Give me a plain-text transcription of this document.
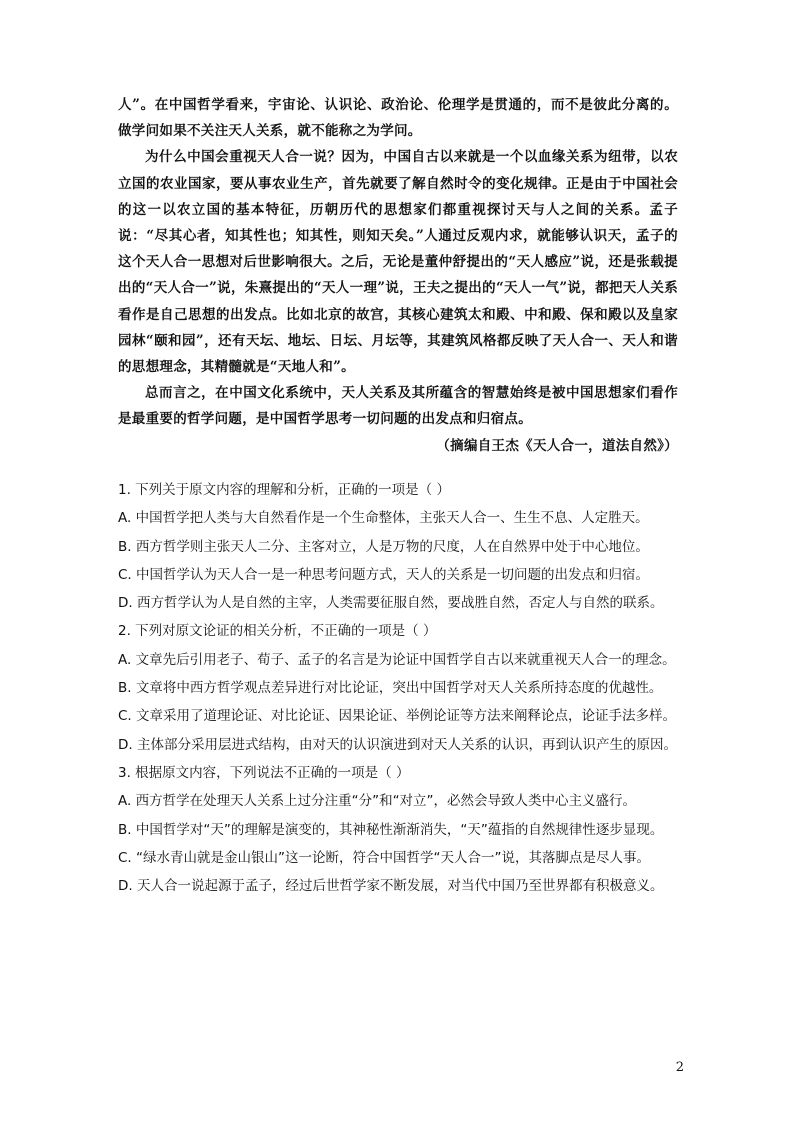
人”。在中国哲学看来，宇宙论、认识论、政治论、伦理学是贯通的，而不是彼此分离的。做学问如果不关注天人关系，就不能称之为学问。

为什么中国会重视天人合一说？因为，中国自古以来就是一个以血缘关系为纽带，以农立国的农业国家，要从事农业生产，首先就要了解自然时令的变化规律。正是由于中国社会的这一以农立国的基本特征，历朝历代的思想家们都重视探讨天与人之间的关系。孟子说：“尽其心者，知其性也；知其性，则知天矣。”人通过反观内求，就能够认识天，孟子的这个天人合一思想对后世影响很大。之后，无论是董仲舒提出的“天人感应”说，还是张载提出的“天人合一”说，朱熹提出的“天人一理”说，王夫之提出的“天人一气”说，都把天人关系看作是自己思想的出发点。比如北京的故宫，其核心建筑太和殿、中和殿、保和殿以及皇家园林“颐和园”，还有天坛、地坛、日坛、月坛等，其建筑风格都反映了天人合一、天人和谐的思想理念，其精髓就是“天地人和”。

总而言之，在中国文化系统中，天人关系及其所蕴含的智慧始终是被中国思想家们看作是最重要的哲学问题，是中国哲学思考一切问题的出发点和归宿点。

（摘编自王杰《天人合一，道法自然》）

1. 下列关于原文内容的理解和分析，正确的一项是（ ）

A. 中国哲学把人类与大自然看作是一个生命整体，主张天人合一、生生不息、人定胜天。

B. 西方哲学则主张天人二分、主客对立，人是万物的尺度，人在自然界中处于中心地位。

C. 中国哲学认为天人合一是一种思考问题方式，天人的关系是一切问题的出发点和归宿。

D. 西方哲学认为人是自然的主宰，人类需要征服自然，要战胜自然，否定人与自然的联系。

2. 下列对原文论证的相关分析，不正确的一项是（ ）

A. 文章先后引用老子、荀子、孟子的名言是为论证中国哲学自古以来就重视天人合一的理念。

B. 文章将中西方哲学观点差异进行对比论证，突出中国哲学对天人关系所持态度的优越性。

C. 文章采用了道理论证、对比论证、因果论证、举例论证等方法来阐释论点，论证手法多样。

D. 主体部分采用层进式结构，由对天的认识演进到对天人关系的认识，再到认识产生的原因。

3. 根据原文内容，下列说法不正确的一项是（ ）

A. 西方哲学在处理天人关系上过分注重“分”和“对立”，必然会导致人类中心主义盛行。

B. 中国哲学对“天”的理解是演变的，其神秘性渐渐消失，“天”蕴指的自然规律性逐步显现。

C. “绿水青山就是金山银山”这一论断，符合中国哲学“天人合一”说，其落脚点是尽人事。

D. 天人合一说起源于孟子，经过后世哲学家不断发展，对当代中国乃至世界都有积极意义。

2
